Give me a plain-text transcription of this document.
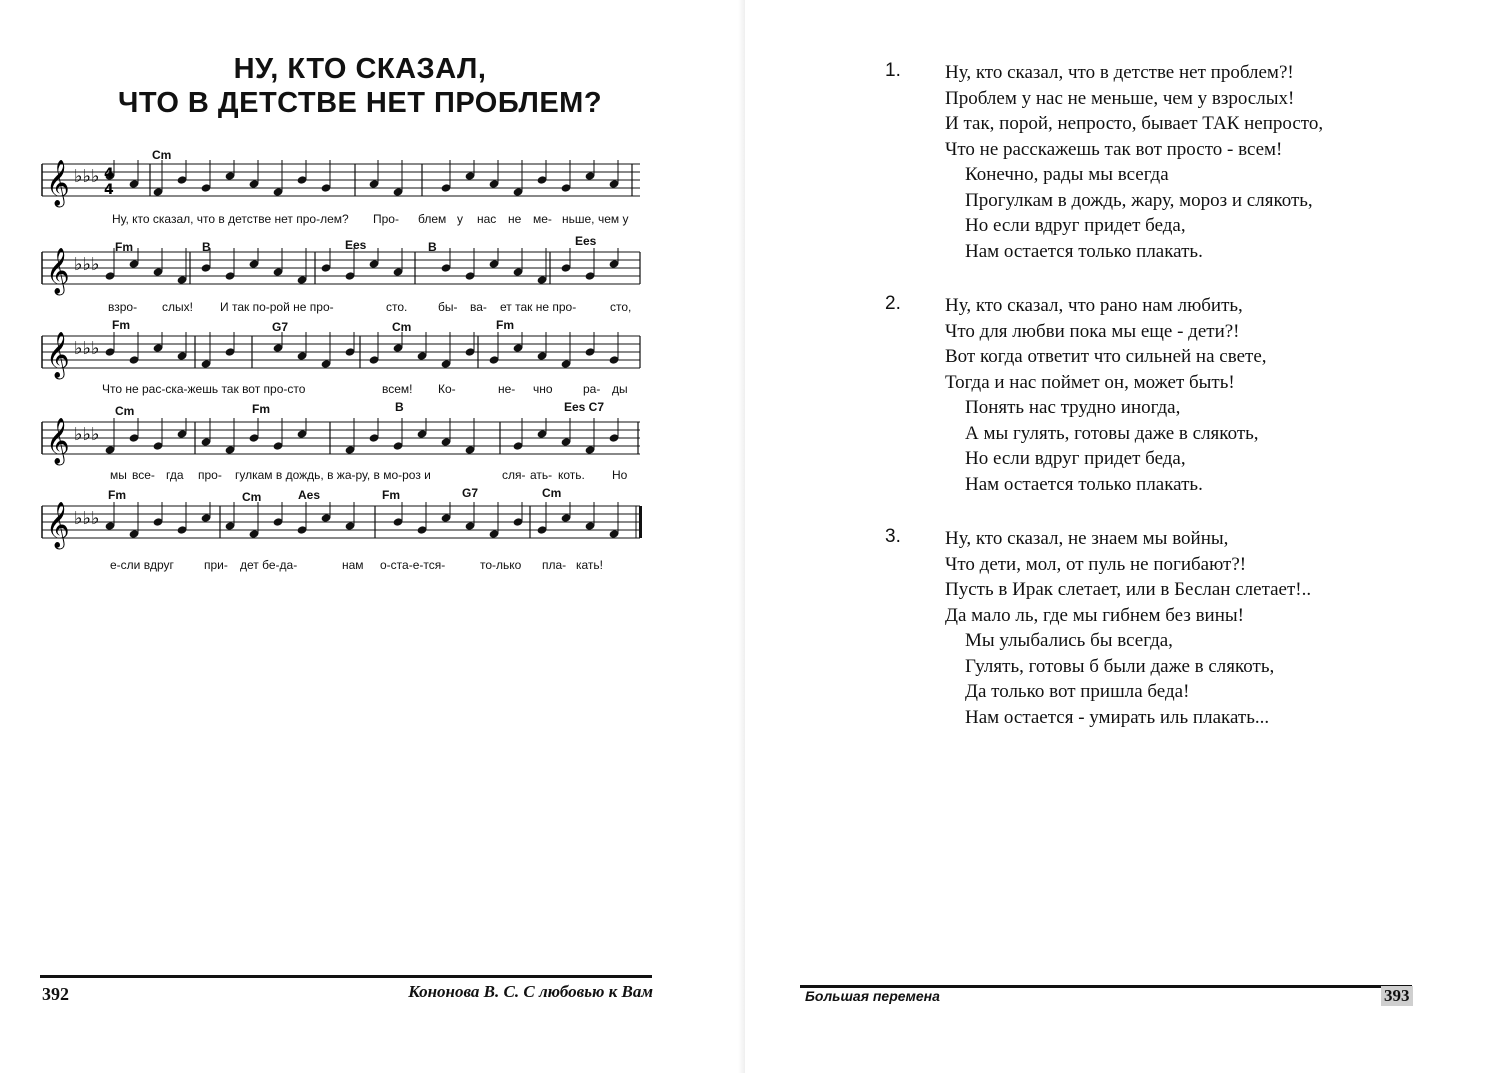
НУ, КТО СКАЗАЛ,
ЧТО В ДЕТСТВЕ НЕТ ПРОБЛЕМ?
𝄞 ♭♭♭
𝄞 ♭♭♭
𝄞 ♭♭♭
𝄞 ♭♭♭
𝄞 ♭♭♭
4
4
Cm
Ну, кто сказал, что в детстве нет про-лем? Про- блем у нас не ме- ньше, чем у
Fm	B	Ees	B	Ees
взро- слых! И так по-рой не про-	сто.	бы- ва- ет так не про-	сто,
Fm	G7	Cm	Fm
Что не рас-ска-жешь так вот про-сто	всем! Ко-	не- чно	ра- ды
Cm	Fm	B	Ees C7
мы все- гда про- гулкам в дождь, в жа-ру, в мо-роз и	сля- ать- коть. Но
Fm	Cm	Aes	Fm	G7	Cm
е-сли вдруг	при- дет бе-да-	нам о-ста-е-тся-	то-лько пла- кать!
392	Кононова В. С. С любовью к Вам
1. Ну, кто сказал, что в детстве нет проблем?!
Проблем у нас не меньше, чем у взрослых!
И так, порой, непросто, бывает ТАК непросто,
Что не расскажешь так вот просто - всем!
Конечно, рады мы всегда
Прогулкам в дождь, жару, мороз и слякоть,
Но если вдруг придет беда,
Нам остается только плакать.
2. Ну, кто сказал, что рано нам любить,
Что для любви пока мы еще - дети?!
Вот когда ответит что сильней на свете,
Тогда и нас поймет он, может быть!
Понять нас трудно иногда,
А мы гулять, готовы даже в слякоть,
Но если вдруг придет беда,
Нам остается только плакать.
3. Ну, кто сказал, не знаем мы войны,
Что дети, мол, от пуль не погибают?!
Пусть в Ирак слетает, или в Беслан слетает!..
Да мало ль, где мы гибнем без вины!
Мы улыбались бы всегда,
Гулять, готовы б были даже в слякоть,
Да только вот пришла беда!
Нам остается - умирать иль плакать...
Большая перемена	393
